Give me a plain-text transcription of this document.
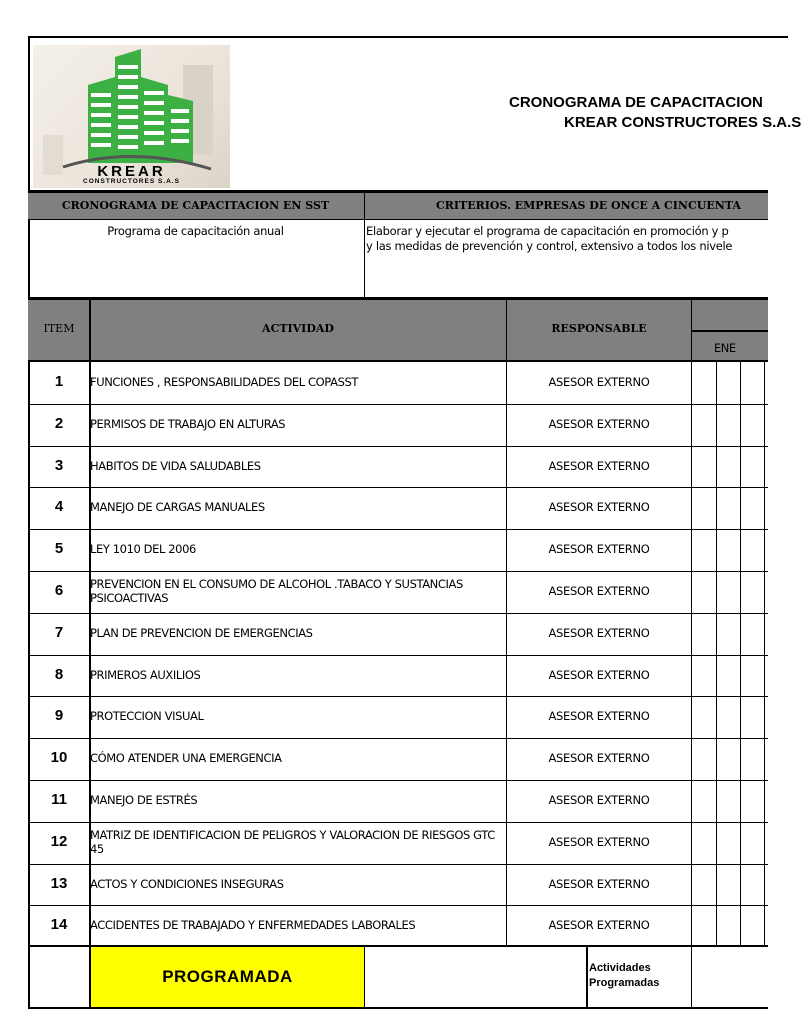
KREAR
CONSTRUCTORES S.A.S
CRONOGRAMA DE CAPACITACION
KREAR CONSTRUCTORES S.A.S
CRONOGRAMA DE CAPACITACION EN SST	CRITERIOS. EMPRESAS DE ONCE A CINCUENTA
Programa de capacitación anual	Elaborar y ejecutar el programa de capacitación en promoción y p
y las medidas de prevención y control, extensivo a todos los nivele
ITEM	ACTIVIDAD	RESPONSABLE
ENE
1	FUNCIONES , RESPONSABILIDADES DEL COPASST	ASESOR EXTERNO
2	PERMISOS DE TRABAJO EN ALTURAS	ASESOR EXTERNO
3	HABITOS DE VIDA SALUDABLES	ASESOR EXTERNO
4	MANEJO DE CARGAS MANUALES	ASESOR EXTERNO
5	LEY 1010 DEL 2006	ASESOR EXTERNO
6	PREVENCION EN EL CONSUMO DE ALCOHOL .TABACO Y SUSTANCIAS PSICOACTIVAS	ASESOR EXTERNO
7	PLAN DE PREVENCION DE EMERGENCIAS	ASESOR EXTERNO
8	PRIMEROS AUXILIOS	ASESOR EXTERNO
9	PROTECCION VISUAL	ASESOR EXTERNO
10	CÓMO ATENDER UNA EMERGENCIA	ASESOR EXTERNO
11	MANEJO DE ESTRÉS	ASESOR EXTERNO
12	MATRIZ DE IDENTIFICACION DE PELIGROS Y VALORACION DE RIESGOS GTC 45	ASESOR EXTERNO
13	ACTOS Y CONDICIONES INSEGURAS	ASESOR EXTERNO
14	ACCIDENTES DE TRABAJADO Y ENFERMEDADES LABORALES	ASESOR EXTERNO
PROGRAMADA	Actividades
Programadas
